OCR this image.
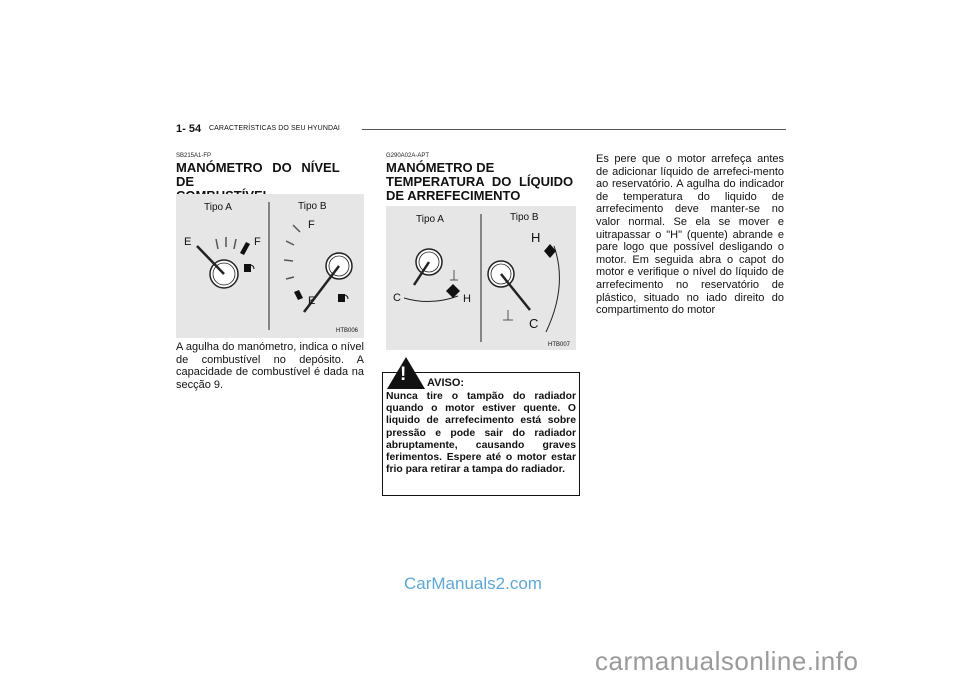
1- 54 CARACTERÍSTICAS DO SEU HYUNDAI
SB215A1-FP
MANÓMETRO DO NÍVEL DE
Tipo A	Tipo B
E	F
F
E
HTB006
A agulha do manómetro, indica o nível de combustível no depósito. A capacidade de combustível é dada na secção 9.
G290A02A-APT
MANÓMETRO DE
TEMPERATURA DO LÍQUIDO
DE ARREFECIMENTO
Tipo A	Tipo B
C	H
H
C
HTB007
AVISO:
Nunca tire o tampão do radiador quando o motor estiver quente. O liquido de arrefecimento está sobre pressão e pode sair do radiador abruptamente, causando graves ferimentos. Espere até o motor estar frio para retirar a tampa do radiador.
!
Es pere que o motor arrefeça antes de adicionar líquido de arrefeci-mento ao reservatório. A agulha do indicador de temperatura do liquido de arrefecimento deve manter-se no valor normal. Se ela se mover e uitrapassar o "H" (quente) abrande e pare logo que possível desligando o motor. Em seguida abra o capot do motor e verifique o nível do líquido de arrefecimento no reservatório de plástico, situado no iado direito do compartimento do motor
CarManuals2.com
carmanualsonline.info
